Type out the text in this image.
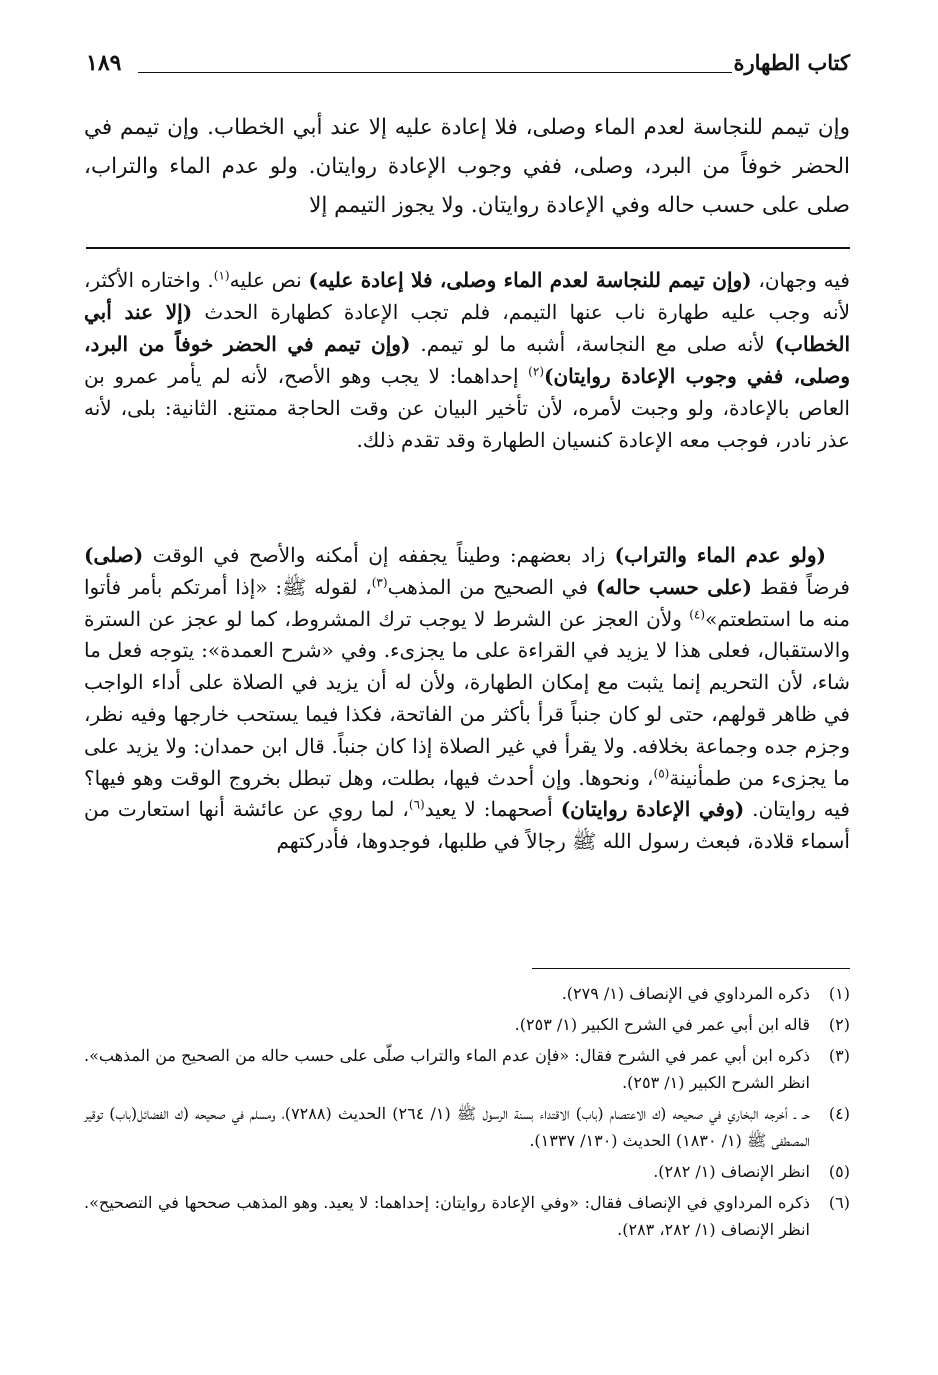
كتاب الطهارة
١٨٩

وإن تيمم للنجاسة لعدم الماء وصلى، فلا إعادة عليه إلا عند أبي الخطاب. وإن تيمم في الحضر خوفاً من البرد، وصلى، ففي وجوب الإعادة روايتان. ولو عدم الماء والتراب، صلى على حسب حاله وفي الإعادة روايتان. ولا يجوز التيمم إلا

فيه وجهان، (وإن تيمم للنجاسة لعدم الماء وصلى، فلا إعادة عليه) نص عليه$^{(١)}$. واختاره الأكثر، لأنه وجب عليه طهارة ناب عنها التيمم، فلم تجب الإعادة كطهارة الحدث (إلا عند أبي الخطاب) لأنه صلى مع النجاسة، أشبه ما لو تيمم. (وإن تيمم في الحضر خوفاً من البرد، وصلى، ففي وجوب الإعادة روايتان)$^{(٢)}$ إحداهما: لا يجب وهو الأصح، لأنه لم يأمر عمرو بن العاص بالإعادة، ولو وجبت لأمره، لأن تأخير البيان عن وقت الحاجة ممتنع. الثانية: بلى، لأنه عذر نادر، فوجب معه الإعادة كنسيان الطهارة وقد تقدم ذلك.

(ولو عدم الماء والتراب) زاد بعضهم: وطيناً يجففه إن أمكنه والأصح في الوقت (صلى) فرضاً فقط (على حسب حاله) في الصحيح من المذهب$^{(٣)}$، لقوله ﷺ: «إذا أمرتكم بأمر فأتوا منه ما استطعتم»$^{(٤)}$ ولأن العجز عن الشرط لا يوجب ترك المشروط، كما لو عجز عن السترة والاستقبال، فعلى هذا لا يزيد في القراءة على ما يجزىء. وفي «شرح العمدة»: يتوجه فعل ما شاء، لأن التحريم إنما يثبت مع إمكان الطهارة، ولأن له أن يزيد في الصلاة على أداء الواجب في ظاهر قولهم، حتى لو كان جنباً قرأ بأكثر من الفاتحة، فكذا فيما يستحب خارجها وفيه نظر، وجزم جده وجماعة بخلافه. ولا يقرأ في غير الصلاة إذا كان جنباً. قال ابن حمدان: ولا يزيد على ما يجزىء من طمأنينة$^{(٥)}$، ونحوها. وإن أحدث فيها، بطلت، وهل تبطل بخروج الوقت وهو فيها؟ فيه روايتان. (وفي الإعادة روايتان) أصحهما: لا يعيد$^{(٦)}$، لما روي عن عائشة أنها استعارت من أسماء قلادة، فبعث رسول الله ﷺ رجالاً في طلبها، فوجدوها، فأدركتهم

(١)
ذكره المرداوي في الإنصاف (١/ ٢٧٩).
(٢)
قاله ابن أبي عمر في الشرح الكبير (١/ ٢٥٣).
(٣)
ذكره ابن أبي عمر في الشرح فقال: «فإن عدم الماء والتراب صلّى على حسب حاله من الصحيح من المذهب». انظر الشرح الكبير (١/ ٢٥٣).
(٤)
حـ ـ أخرجه البخاري في صحيحه (ك الاعتصام (باب) الاقتداء بسنة الرسول ﷺ (١/ ٢٦٤) الحديث (٧٢٨٨)، ومسلم في صحيحه (ك الفضائل(باب) توقير المصطفى ﷺ (١/ ١٨٣٠) الحديث (١٣٠/ ١٣٣٧).
(٥)
انظر الإنصاف (١/ ٢٨٢).
(٦)
ذكره المرداوي في الإنصاف فقال: «وفي الإعادة روايتان: إحداهما: لا يعيد. وهو المذهب صححها في التصحيح». انظر الإنصاف (١/ ٢٨٢، ٢٨٣).
